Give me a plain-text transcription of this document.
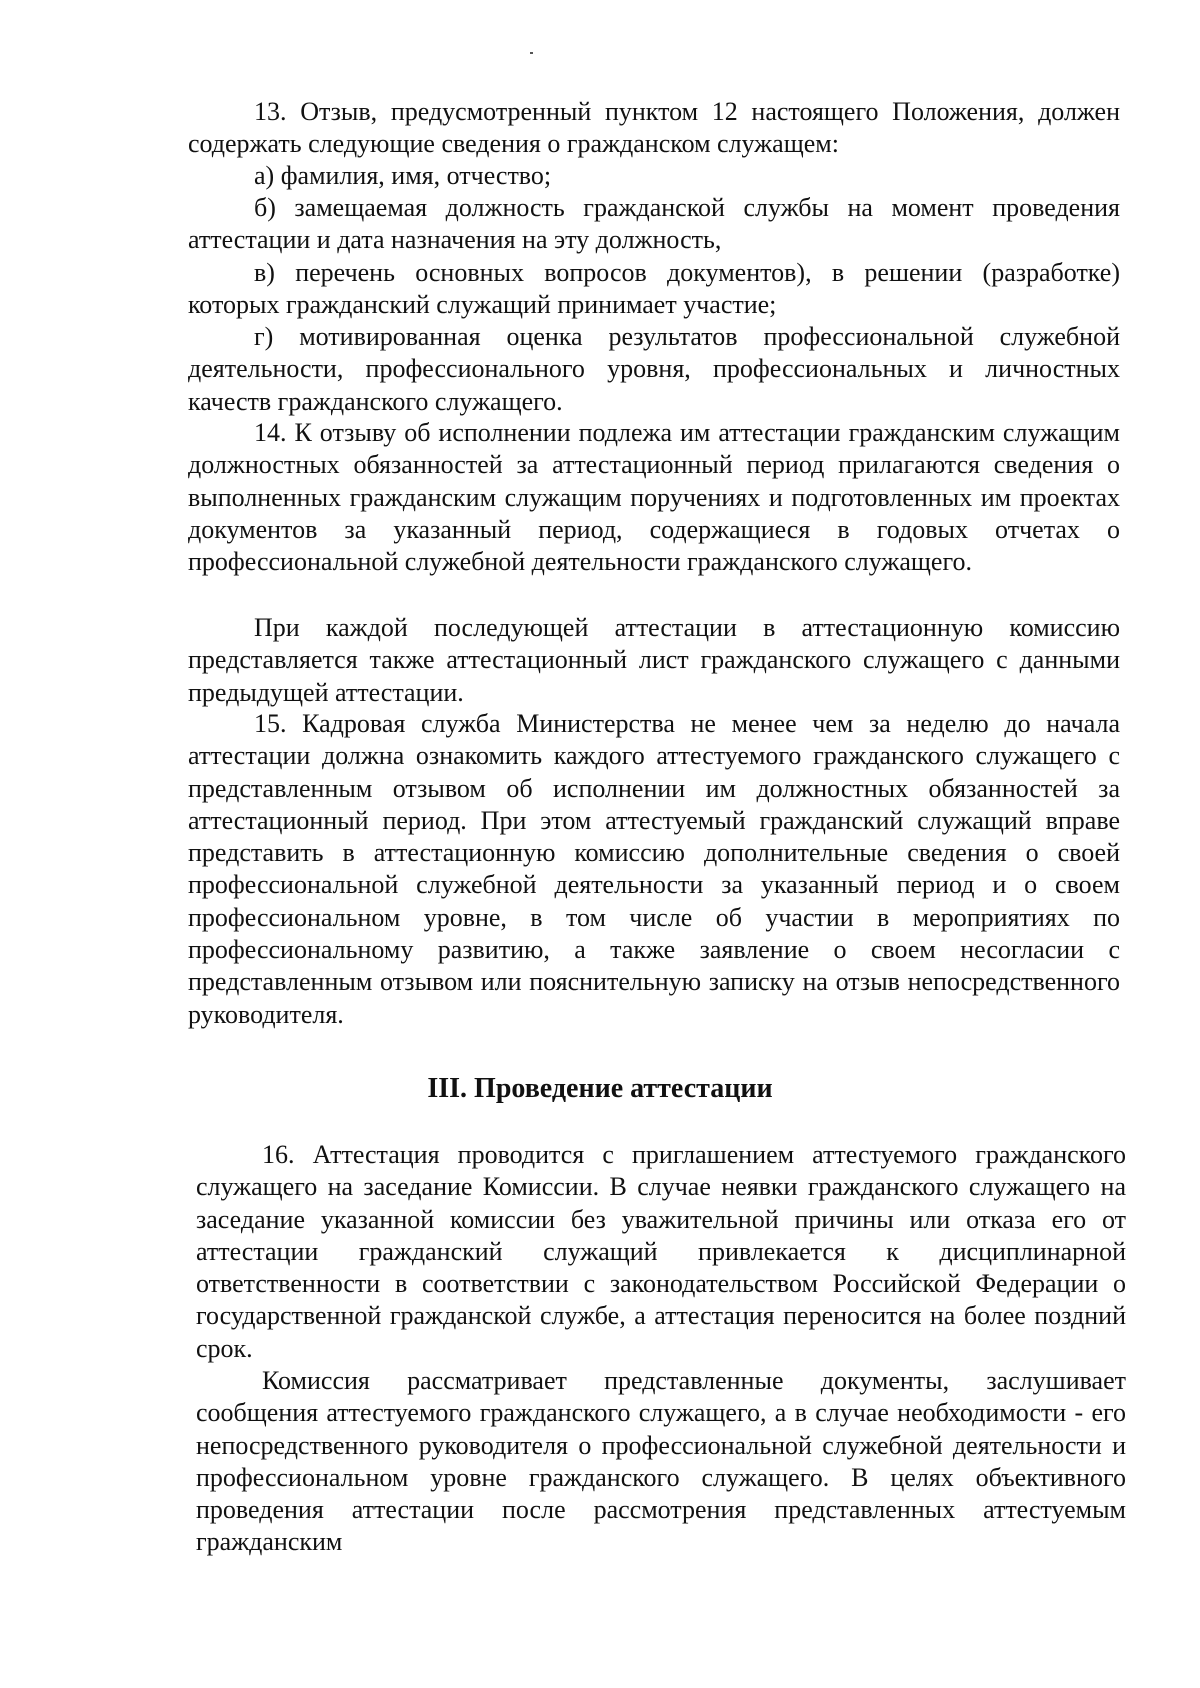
13. Отзыв, предусмотренный пунктом 12 настоящего Положения, должен содержать следующие сведения о гражданском служащем:

а) фамилия, имя, отчество;

б) замещаемая должность гражданской службы на момент проведения аттестации и дата назначения на эту должность,

в) перечень основных вопросов документов), в решении (разработке) которых гражданский служащий принимает участие;

г) мотивированная оценка результатов профессиональной служебной деятельности, профессионального уровня, профессиональных и личностных качеств гражданского служащего.

14. К отзыву об исполнении подлежа им аттестации гражданским служащим должностных обязанностей за аттестационный период прилагаются сведения о выполненных гражданским служащим поручениях и подготовленных им проектах документов за указанный период, содержащиеся в годовых отчетах о профессиональной служебной деятельности гражданского служащего.

При каждой последующей аттестации в аттестационную комиссию представляется также аттестационный лист гражданского служащего с данными предыдущей аттестации.

15. Кадровая служба Министерства не менее чем за неделю до начала аттестации должна ознакомить каждого аттестуемого гражданского служащего с представленным отзывом об исполнении им должностных обязанностей за аттестационный период. При этом аттестуемый гражданский служащий вправе представить в аттестационную комиссию дополнительные сведения о своей профессиональной служебной деятельности за указанный период и о своем профессиональном уровне, в том числе об участии в мероприятиях по профессиональному развитию, а также заявление о своем несогласии с представленным отзывом или пояснительную записку на отзыв непосредственного руководителя.

III. Проведение аттестации

16. Аттестация проводится с приглашением аттестуемого гражданского служащего на заседание Комиссии. В случае неявки гражданского служащего на заседание указанной комиссии без уважительной причины или отказа его от аттестации гражданский служащий привлекается к дисциплинарной ответственности в соответствии с законодательством Российской Федерации о государственной гражданской службе, а аттестация переносится на более поздний срок.

Комиссия рассматривает представленные документы, заслушивает сообщения аттестуемого гражданского служащего, а в случае необходимости - его непосредственного руководителя о профессиональной служебной деятельности и профессиональном уровне гражданского служащего. В целях объективного проведения аттестации после рассмотрения представленных аттестуемым гражданским
